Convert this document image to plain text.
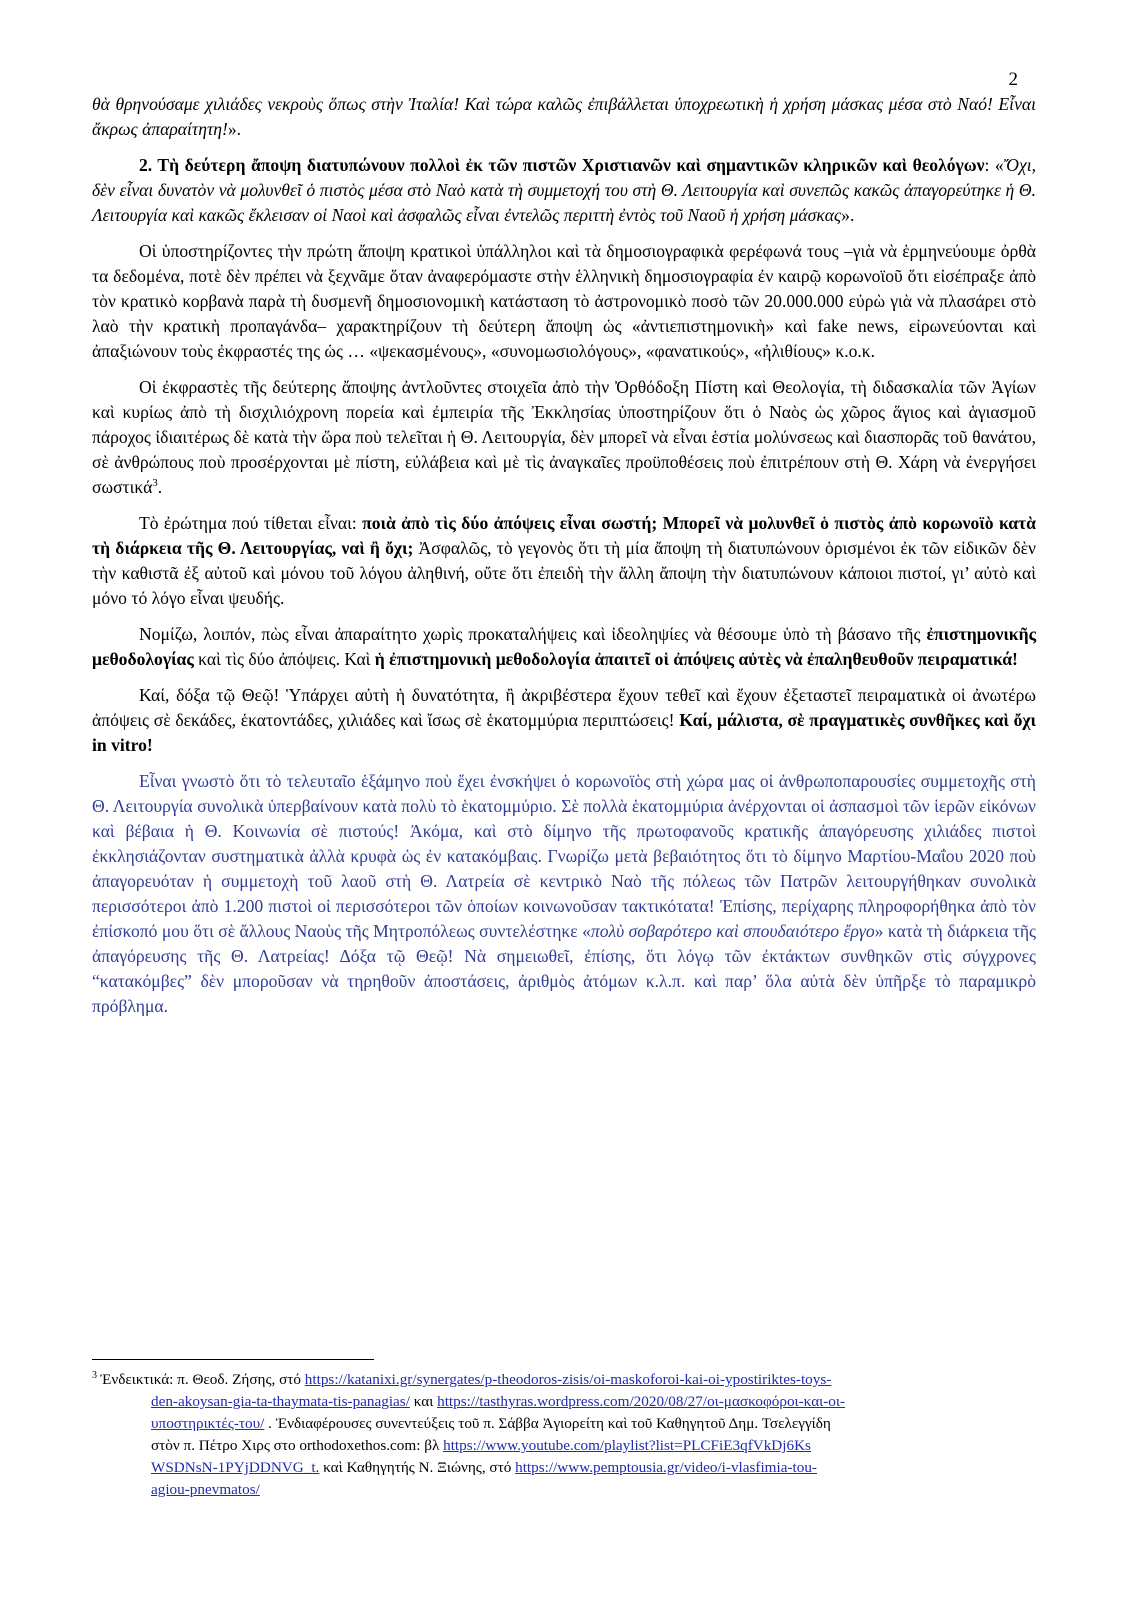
2

θὰ θρηνούσαμε χιλιάδες νεκροὺς ὅπως στὴν Ἰταλία! Καὶ τώρα καλῶς ἐπιβάλλεται ὑποχρεωτικὴ ἡ χρήση μάσκας μέσα στὸ Ναό! Εἶναι ἄκρως ἀπαραίτητη!».

2. Τὴ δεύτερη ἄποψη διατυπώνουν πολλοὶ ἐκ τῶν πιστῶν Χριστιανῶν καὶ σημαντικῶν κληρικῶν καὶ θεολόγων: «Ὄχι, δὲν εἶναι δυνατὸν νὰ μολυνθεῖ ὁ πιστὸς μέσα στὸ Ναὸ κατὰ τὴ συμμετοχή του στὴ Θ. Λειτουργία καὶ συνεπῶς κακῶς ἀπαγορεύτηκε ἡ Θ. Λειτουργία καὶ κακῶς ἔκλεισαν οἱ Ναοὶ καὶ ἀσφαλῶς εἶναι ἐντελῶς περιττὴ ἐντὸς τοῦ Ναοῦ ἡ χρήση μάσκας».

Οἱ ὑποστηρίζοντες τὴν πρώτη ἄποψη κρατικοὶ ὑπάλληλοι καὶ τὰ δημοσιογραφικὰ φερέφωνά τους –γιὰ νὰ ἑρμηνεύουμε ὀρθὰ τα δεδομένα, ποτὲ δὲν πρέπει νὰ ξεχνᾶμε ὅταν ἀναφερόμαστε στὴν ἑλληνικὴ δημοσιογραφία ἐν καιρῷ κορωνοϊοῦ ὅτι εἰσέπραξε ἀπὸ τὸν κρατικὸ κορβανὰ παρὰ τὴ δυσμενῆ δημοσιονομικὴ κατάσταση τὸ ἀστρονομικὸ ποσὸ τῶν 20.000.000 εὐρὼ γιὰ νὰ πλασάρει στὸ λαὸ τὴν κρατικὴ προπαγάνδα– χαρακτηρίζουν τὴ δεύτερη ἄποψη ὡς «ἀντιεπιστημονικὴ» καὶ fake news, εἰρωνεύονται καὶ ἀπαξιώνουν τοὺς ἐκφραστές της ὡς … «ψεκασμένους», «συνομωσιολόγους», «φανατικούς», «ἠλιθίους» κ.ο.κ.

Οἱ ἐκφραστὲς τῆς δεύτερης ἄποψης ἀντλοῦντες στοιχεῖα ἀπὸ τὴν Ὀρθόδοξη Πίστη καὶ Θεολογία, τὴ διδασκαλία τῶν Ἁγίων καὶ κυρίως ἀπὸ τὴ δισχιλιόχρονη πορεία καὶ ἐμπειρία τῆς Ἐκκλησίας ὑποστηρίζουν ὅτι ὁ Ναὸς ὡς χῶρος ἅγιος καὶ ἁγιασμοῦ πάροχος ἰδιαιτέρως δὲ κατὰ τὴν ὥρα ποὺ τελεῖται ἡ Θ. Λειτουργία, δὲν μπορεῖ νὰ εἶναι ἑστία μολύνσεως καὶ διασπορᾶς τοῦ θανάτου, σὲ ἀνθρώπους ποὺ προσέρχονται μὲ πίστη, εὐλάβεια καὶ μὲ τὶς ἀναγκαῖες προϋποθέσεις ποὺ ἐπιτρέπουν στὴ Θ. Χάρη νὰ ἐνεργήσει σωστικά$^3$.

Τὸ ἐρώτημα πού τίθεται εἶναι: ποιὰ ἀπὸ τὶς δύο ἀπόψεις εἶναι σωστή; Μπορεῖ νὰ μολυνθεῖ ὁ πιστὸς ἀπὸ κορωνοϊὸ κατὰ τὴ διάρκεια τῆς Θ. Λειτουργίας, ναὶ ἢ ὄχι; Ἀσφαλῶς, τὸ γεγονὸς ὅτι τὴ μία ἄποψη τὴ διατυπώνουν ὁρισμένοι ἐκ τῶν εἰδικῶν δὲν τὴν καθιστᾶ ἐξ αὐτοῦ καὶ μόνου τοῦ λόγου ἀληθινή, οὔτε ὅτι ἐπειδὴ τὴν ἄλλη ἄποψη τὴν διατυπώνουν κάποιοι πιστοί, γι’ αὐτὸ καὶ μόνο τό λόγο εἶναι ψευδής.

Νομίζω, λοιπόν, πὼς εἶναι ἀπαραίτητο χωρὶς προκαταλήψεις καὶ ἰδεοληψίες νὰ θέσουμε ὑπὸ τὴ βάσανο τῆς ἐπιστημονικῆς μεθοδολογίας καὶ τὶς δύο ἀπόψεις. Καὶ ἡ ἐπιστημονικὴ μεθοδολογία ἀπαιτεῖ οἱ ἀπόψεις αὐτὲς νὰ ἐπαληθευθοῦν πειραματικά!

Καί, δόξα τῷ Θεῷ! Ὑπάρχει αὐτὴ ἡ δυνατότητα, ἢ ἀκριβέστερα ἔχουν τεθεῖ καὶ ἔχουν ἐξεταστεῖ πειραματικὰ οἱ ἀνωτέρω ἀπόψεις σὲ δεκάδες, ἑκατοντάδες, χιλιάδες καὶ ἴσως σὲ ἑκατομμύρια περιπτώσεις! Καί, μάλιστα, σὲ πραγματικὲς συνθῆκες καὶ ὄχι in vitro!

Εἶναι γνωστὸ ὅτι τὸ τελευταῖο ἑξάμηνο ποὺ ἔχει ἐνσκήψει ὁ κορωνοϊὸς στὴ χώρα μας οἱ ἀνθρωποπαρουσίες συμμετοχῆς στὴ Θ. Λειτουργία συνολικὰ ὑπερβαίνουν κατὰ πολὺ τὸ ἑκατομμύριο. Σὲ πολλὰ ἑκατομμύρια ἀνέρχονται οἱ ἀσπασμοὶ τῶν ἱερῶν εἰκόνων καὶ βέβαια ἡ Θ. Κοινωνία σὲ πιστούς! Ἀκόμα, καὶ στὸ δίμηνο τῆς πρωτοφανοῦς κρατικῆς ἀπαγόρευσης χιλιάδες πιστοὶ ἐκκλησιάζονταν συστηματικὰ ἀλλὰ κρυφὰ ὡς ἐν κατακόμβαις. Γνωρίζω μετὰ βεβαιότητος ὅτι τὸ δίμηνο Μαρτίου-Μαΐου 2020 ποὺ ἀπαγορευόταν ἡ συμμετοχὴ τοῦ λαοῦ στὴ Θ. Λατρεία σὲ κεντρικὸ Ναὸ τῆς πόλεως τῶν Πατρῶν λειτουργήθηκαν συνολικὰ περισσότεροι ἀπὸ 1.200 πιστοὶ οἱ περισσότεροι τῶν ὁποίων κοινωνοῦσαν τακτικότατα! Ἐπίσης, περίχαρης πληροφορήθηκα ἀπὸ τὸν ἐπίσκοπό μου ὅτι σὲ ἄλλους Ναοὺς τῆς Μητροπόλεως συντελέστηκε «πολὺ σοβαρότερο καὶ σπουδαιότερο ἔργο» κατὰ τὴ διάρκεια τῆς ἀπαγόρευσης τῆς Θ. Λατρείας! Δόξα τῷ Θεῷ! Νὰ σημειωθεῖ, ἐπίσης, ὅτι λόγῳ τῶν ἐκτάκτων συνθηκῶν στὶς σύγχρονες “κατακόμβες” δὲν μποροῦσαν νὰ τηρηθοῦν ἀποστάσεις, ἀριθμὸς ἀτόμων κ.λ.π. καὶ παρ’ ὅλα αὐτὰ δὲν ὑπῆρξε τὸ παραμικρὸ πρόβλημα.

$^3$ Ἐνδεικτικά: π. Θεοδ. Ζήσης, στό https://katanixi.gr/synergates/p-theodoros-zisis/oi-maskoforoi-kai-oi-ypostiriktes-toys-
den-akoysan-gia-ta-thaymata-tis-panagias/ και https://tasthyras.wordpress.com/2020/08/27/οι-μασκοφόροι-και-οι-
υποστηρικτές-του/ . Ἐνδιαφέρουσες συνεντεύξεις τοῦ π. Σάββα Ἁγιορείτη καὶ τοῦ Καθηγητοῦ Δημ. Τσελεγγίδη
στὸν π. Πέτρο Χιρς στο orthodoxethos.com: βλ https://www.youtube.com/playlist?list=PLCFiE3qfVkDj6Ks
WSDNsN-1PYjDDNVG_t. καὶ Καθηγητής Ν. Ξιώνης, στό https://www.pemptousia.gr/video/i-vlasfimia-tou-
agiou-pnevmatos/
